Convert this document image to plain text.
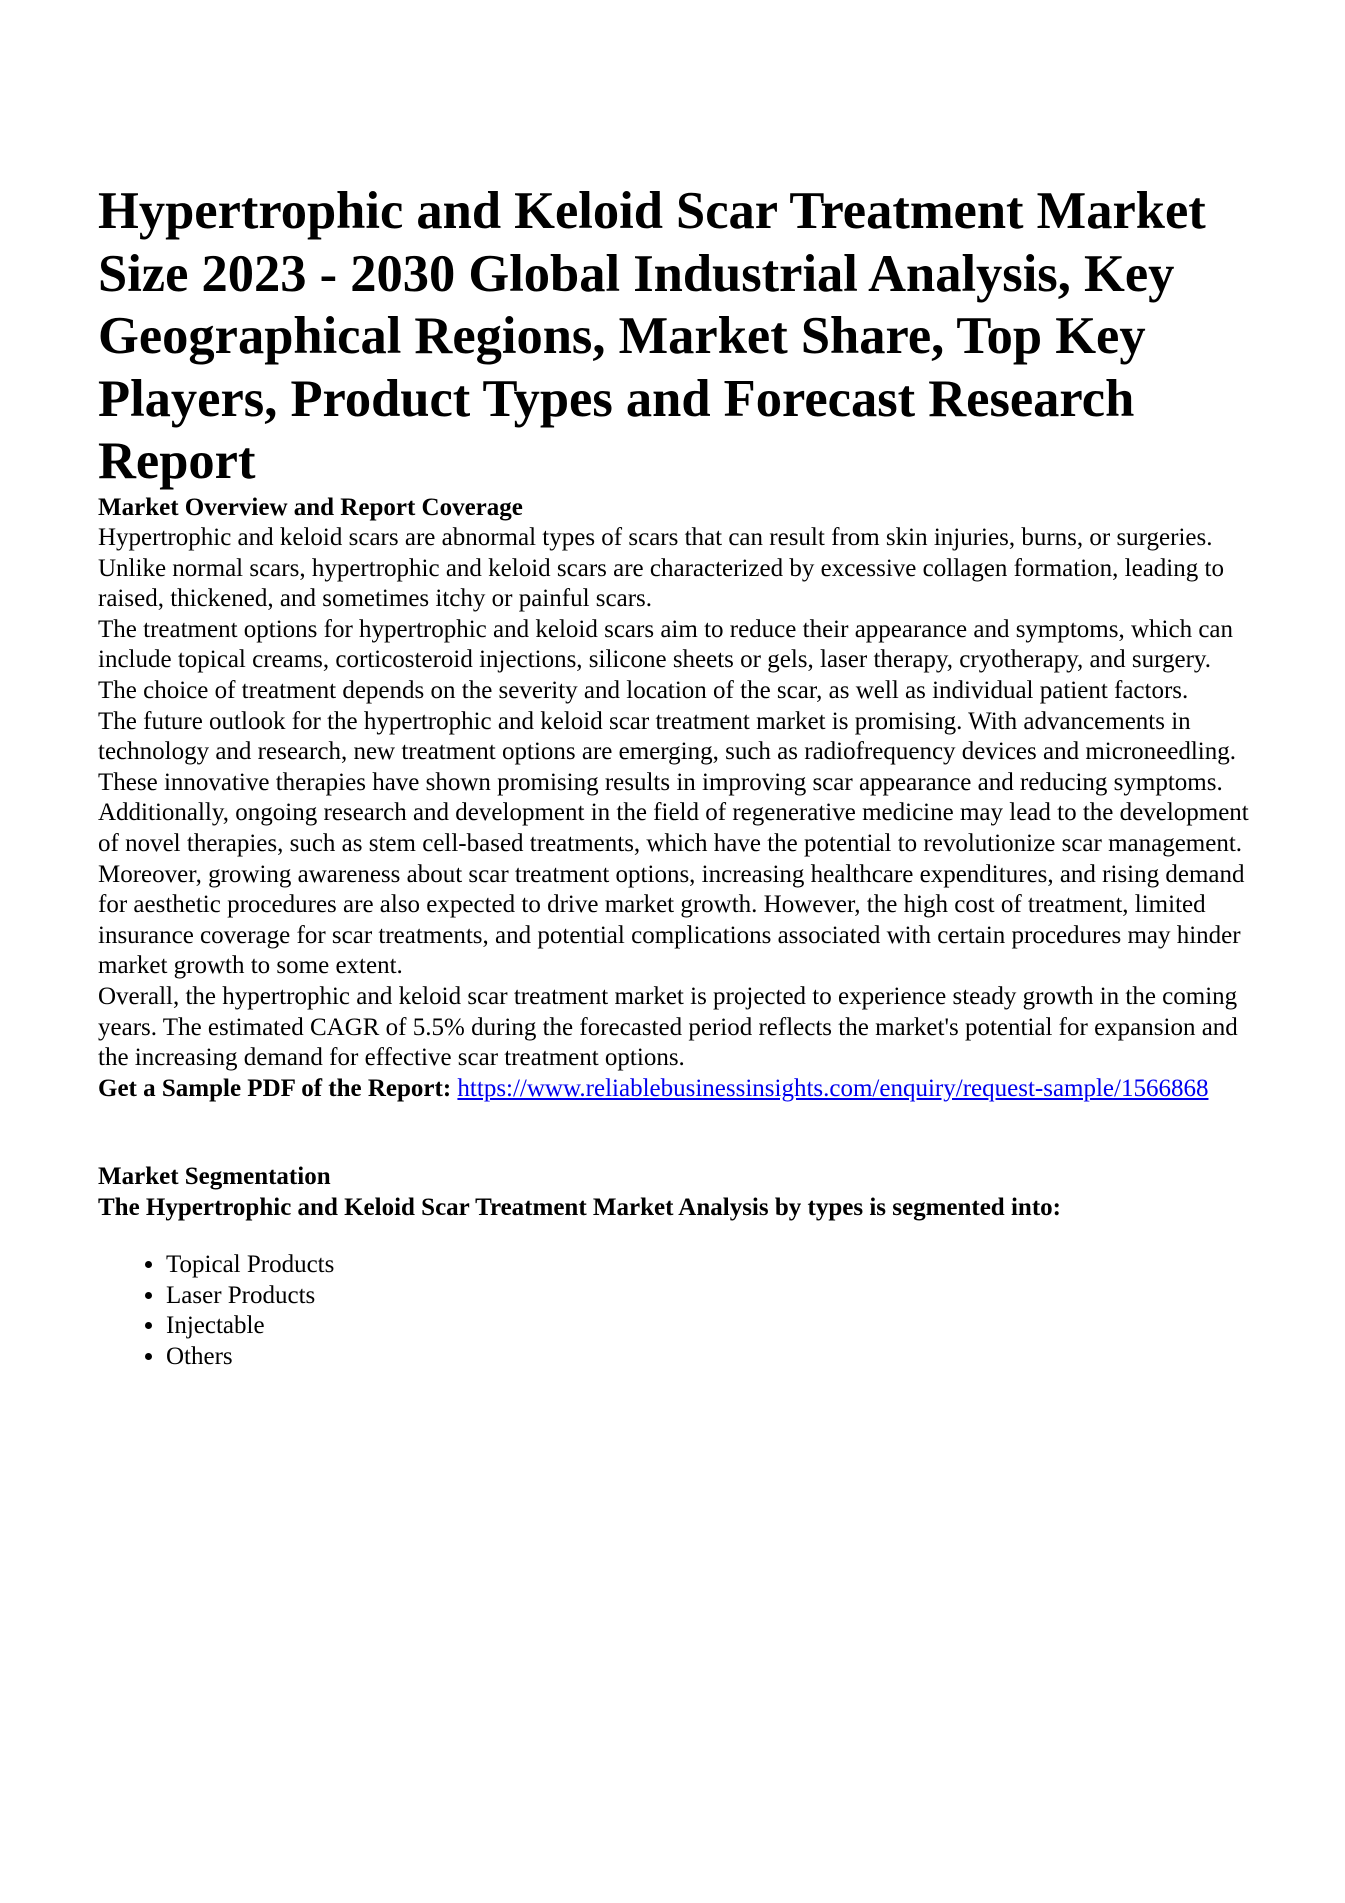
Hypertrophic and Keloid Scar Treatment Market Size 2023 - 2030 Global Industrial Analysis, Key Geographical Regions, Market Share, Top Key Players, Product Types and Forecast Research Report
Market Overview and Report Coverage

Hypertrophic and keloid scars are abnormal types of scars that can result from skin injuries, burns, or surgeries. Unlike normal scars, hypertrophic and keloid scars are characterized by excessive collagen formation, leading to raised, thickened, and sometimes itchy or painful scars.

The treatment options for hypertrophic and keloid scars aim to reduce their appearance and symptoms, which can include topical creams, corticosteroid injections, silicone sheets or gels, laser therapy, cryotherapy, and surgery. The choice of treatment depends on the severity and location of the scar, as well as individual patient factors.

The future outlook for the hypertrophic and keloid scar treatment market is promising. With advancements in technology and research, new treatment options are emerging, such as radiofrequency devices and microneedling. These innovative therapies have shown promising results in improving scar appearance and reducing symptoms. Additionally, ongoing research and development in the field of regenerative medicine may lead to the development of novel therapies, such as stem cell-based treatments, which have the potential to revolutionize scar management.

Moreover, growing awareness about scar treatment options, increasing healthcare expenditures, and rising demand for aesthetic procedures are also expected to drive market growth. However, the high cost of treatment, limited insurance coverage for scar treatments, and potential complications associated with certain procedures may hinder market growth to some extent.

Overall, the hypertrophic and keloid scar treatment market is projected to experience steady growth in the coming years. The estimated CAGR of 5.5% during the forecasted period reflects the market's potential for expansion and the increasing demand for effective scar treatment options.

Get a Sample PDF of the Report: https://www.reliablebusinessinsights.com/enquiry/request-sample/1566868

Market Segmentation
The Hypertrophic and Keloid Scar Treatment Market Analysis by types is segmented into:
• Topical Products
• Laser Products
• Injectable
• Others
